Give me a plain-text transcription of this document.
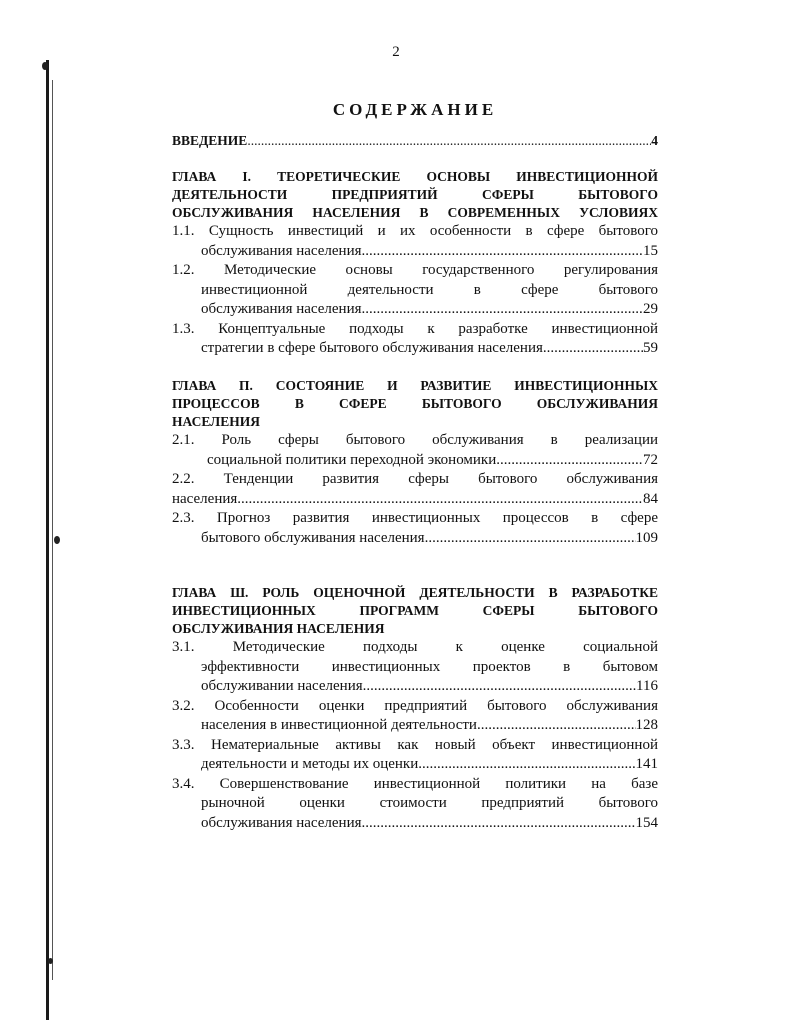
2
СОДЕРЖАНИЕ
ВВЕДЕНИЕ .....	4
ГЛАВА I. ТЕОРЕТИЧЕСКИЕ ОСНОВЫ ИНВЕСТИЦИОННОЙ
ДЕЯТЕЛЬНОСТИ ПРЕДПРИЯТИЙ СФЕРЫ БЫТОВОГО
ОБСЛУЖИВАНИЯ НАСЕЛЕНИЯ В СОВРЕМЕННЫХ УСЛОВИЯХ
1.1. Сущность инвестиций и их особенности в сфере бытового
обслуживания населения .....	15
1.2. Методические основы государственного регулирования
инвестиционной деятельности в сфере бытового
обслуживания населения .....	29
1.3. Концептуальные подходы к разработке инвестиционной
стратегии в сфере бытового обслуживания населения .....	59
ГЛАВА П. СОСТОЯНИЕ И РАЗВИТИЕ ИНВЕСТИЦИОННЫХ
ПРОЦЕССОВ В СФЕРЕ БЫТОВОГО ОБСЛУЖИВАНИЯ
НАСЕЛЕНИЯ
2.1. Роль сферы бытового обслуживания в реализации
социальной политики переходной экономики .....	72
2.2. Тенденции развития сферы бытового обслуживания
населения .....	84
2.3. Прогноз развития инвестиционных процессов в сфере
бытового обслуживания населения .....	109
ГЛАВА Ш. РОЛЬ ОЦЕНОЧНОЙ ДЕЯТЕЛЬНОСТИ В РАЗРАБОТКЕ
ИНВЕСТИЦИОННЫХ ПРОГРАММ СФЕРЫ БЫТОВОГО
ОБСЛУЖИВАНИЯ НАСЕЛЕНИЯ
3.1. Методические подходы к оценке социальной
эффективности инвестиционных проектов в бытовом
обслуживании населения .....	116
3.2. Особенности оценки предприятий бытового обслуживания
населения в инвестиционной деятельности .....	128
3.3. Нематериальные активы как новый объект инвестиционной
деятельности и методы их оценки .....	141
3.4. Совершенствование инвестиционной политики на базе
рыночной оценки стоимости предприятий бытового
обслуживания населения .....	154
